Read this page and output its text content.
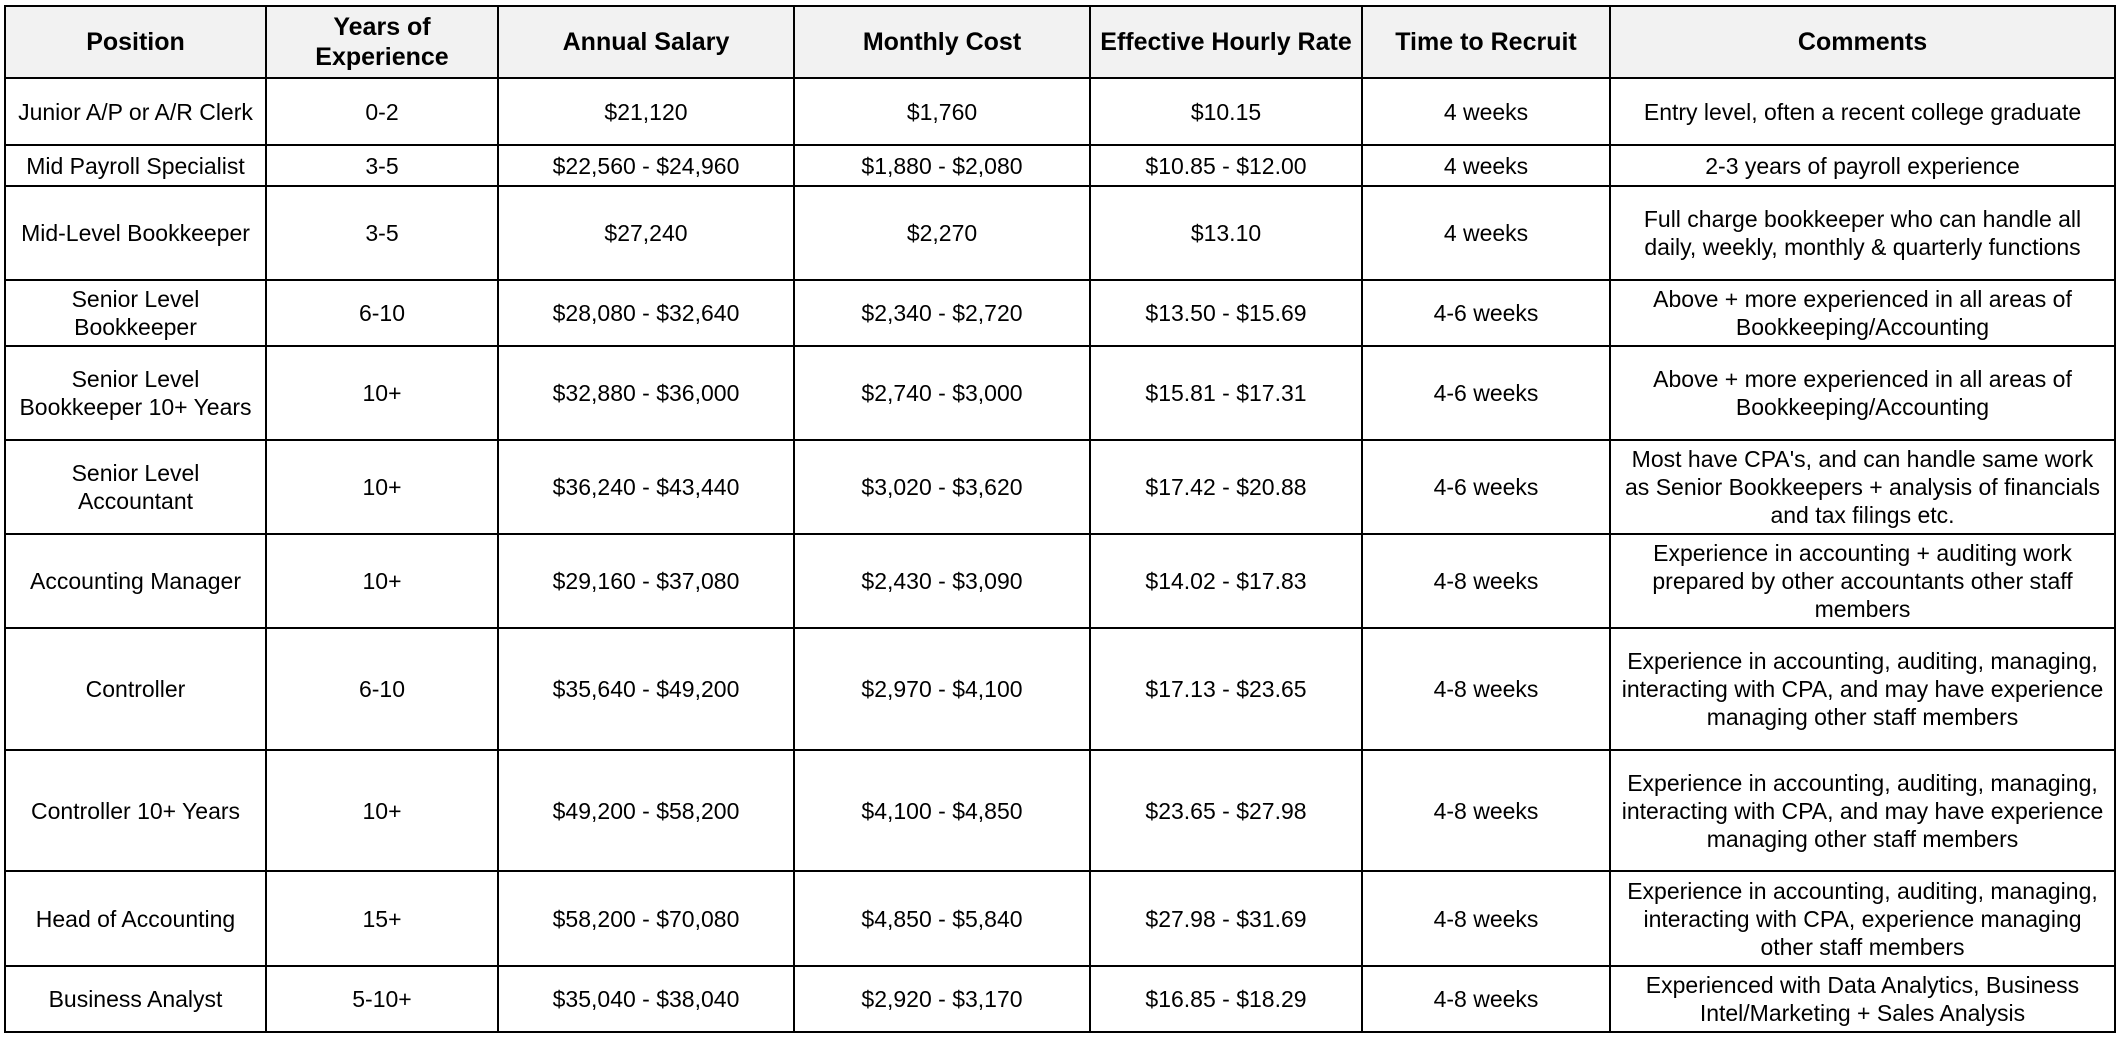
Position	Years of Experience	Annual Salary	Monthly Cost	Effective Hourly Rate	Time to Recruit	Comments
Junior A/P or A/R Clerk	0-2	$21,120	$1,760	$10.15	4 weeks	Entry level, often a recent college graduate
Mid Payroll Specialist	3-5	$22,560 - $24,960	$1,880 - $2,080	$10.85 - $12.00	4 weeks	2-3 years of payroll experience
Mid-Level Bookkeeper	3-5	$27,240	$2,270	$13.10	4 weeks	Full charge bookkeeper who can handle all daily, weekly, monthly & quarterly functions
Senior Level Bookkeeper	6-10	$28,080 - $32,640	$2,340 - $2,720	$13.50 - $15.69	4-6 weeks	Above + more experienced in all areas of Bookkeeping/Accounting
Senior Level Bookkeeper 10+ Years	10+	$32,880 - $36,000	$2,740 - $3,000	$15.81 - $17.31	4-6 weeks	Above + more experienced in all areas of Bookkeeping/Accounting
Senior Level Accountant	10+	$36,240 - $43,440	$3,020 - $3,620	$17.42 - $20.88	4-6 weeks	Most have CPA's, and can handle same work as Senior Bookkeepers + analysis of financials and tax filings etc.
Accounting Manager	10+	$29,160 - $37,080	$2,430 - $3,090	$14.02 - $17.83	4-8 weeks	Experience in accounting + auditing work prepared by other accountants other staff members
Controller	6-10	$35,640 - $49,200	$2,970 - $4,100	$17.13 - $23.65	4-8 weeks	Experience in accounting, auditing, managing, interacting with CPA, and may have experience managing other staff members
Controller 10+ Years	10+	$49,200 - $58,200	$4,100 - $4,850	$23.65 - $27.98	4-8 weeks	Experience in accounting, auditing, managing, interacting with CPA, and may have experience managing other staff members
Head of Accounting	15+	$58,200 - $70,080	$4,850 - $5,840	$27.98 - $31.69	4-8 weeks	Experience in accounting, auditing, managing, interacting with CPA, experience managing other staff members
Business Analyst	5-10+	$35,040 - $38,040	$2,920 - $3,170	$16.85 - $18.29	4-8 weeks	Experienced with Data Analytics, Business Intel/Marketing + Sales Analysis
